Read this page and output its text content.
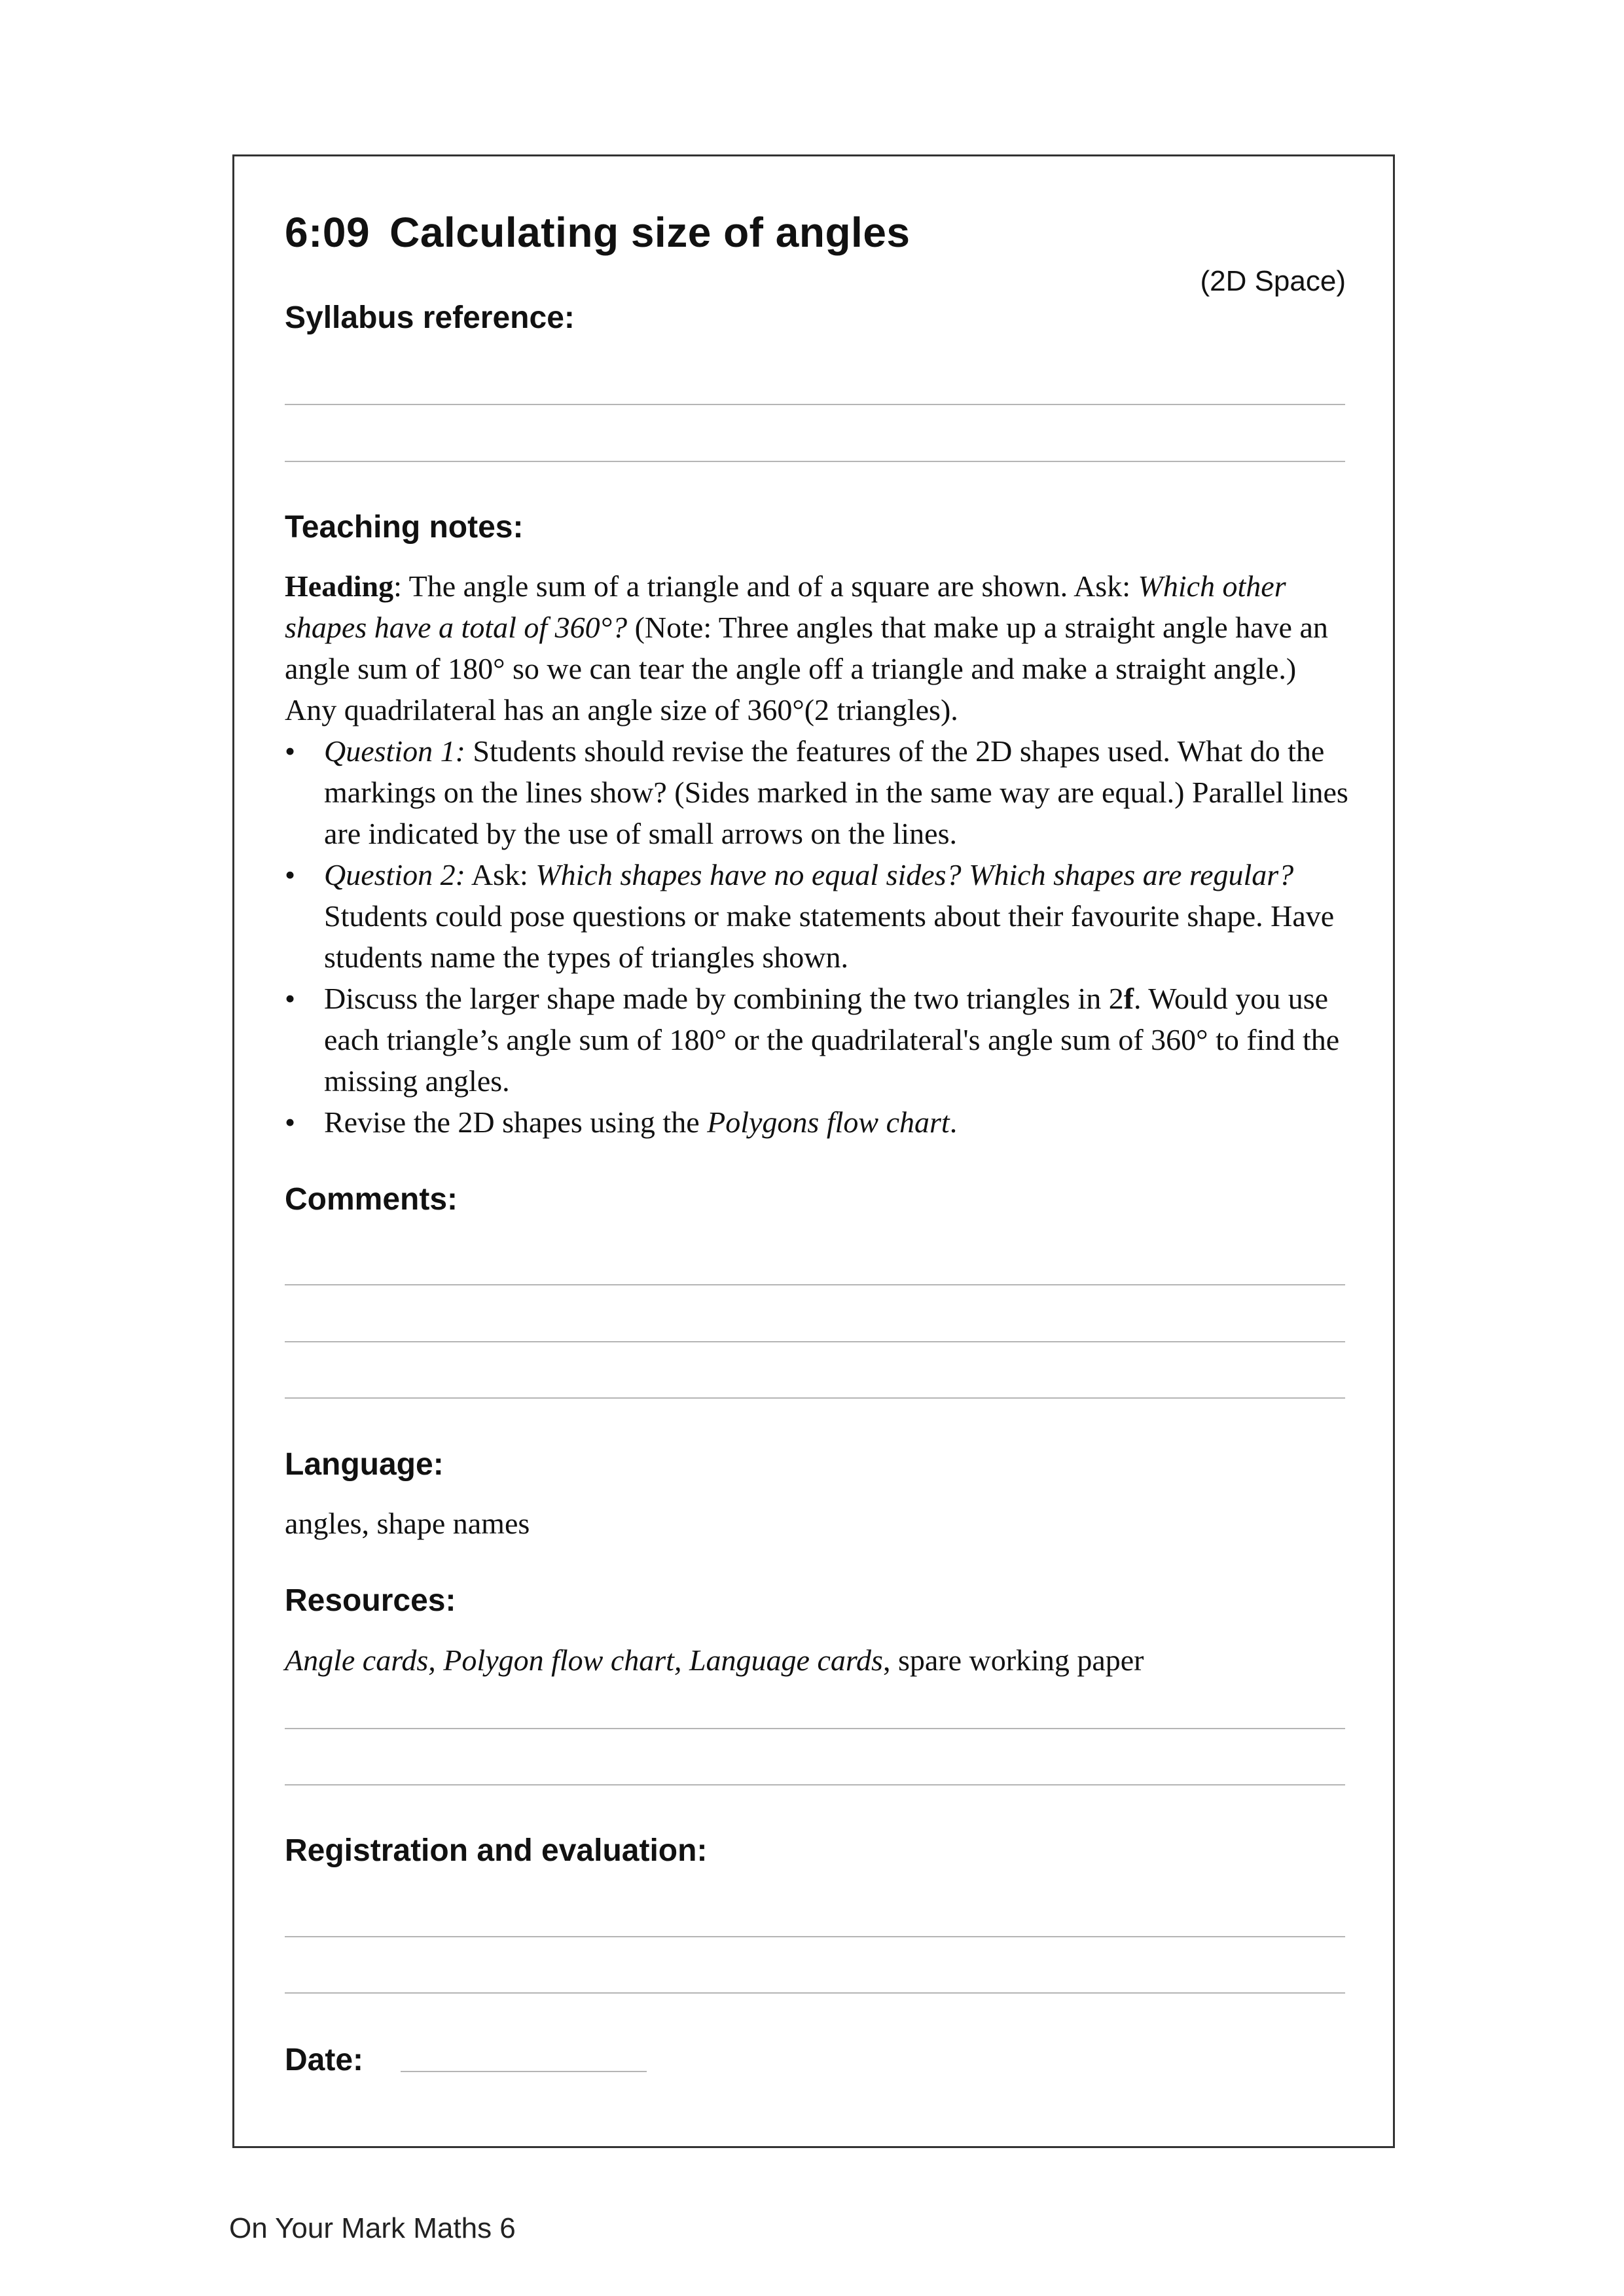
6:09 Calculating size of angles
(2D Space)
Syllabus reference:
Teaching notes:

Heading: The angle sum of a triangle and of a square are shown. Ask: Which other shapes have a total of 360°? (Note: Three angles that make up a straight angle have an angle sum of 180° so we can tear the angle off a triangle and make a straight angle.) Any quadrilateral has an angle size of 360°(2 triangles).

• Question 1: Students should revise the features of the 2D shapes used. What do the markings on the lines show? (Sides marked in the same way are equal.) Parallel lines are indicated by the use of small arrows on the lines.
• Question 2: Ask: Which shapes have no equal sides? Which shapes are regular? Students could pose questions or make statements about their favourite shape. Have students name the types of triangles shown.
• Discuss the larger shape made by combining the two triangles in 2f. Would you use each triangle’s angle sum of 180° or the quadrilateral's angle sum of 360° to find the missing angles.
• Revise the 2D shapes using the Polygons flow chart.
Comments:
Language:
angles, shape names
Resources:
Angle cards, Polygon flow chart, Language cards, spare working paper
Registration and evaluation:
Date:
On Your Mark Maths 6
